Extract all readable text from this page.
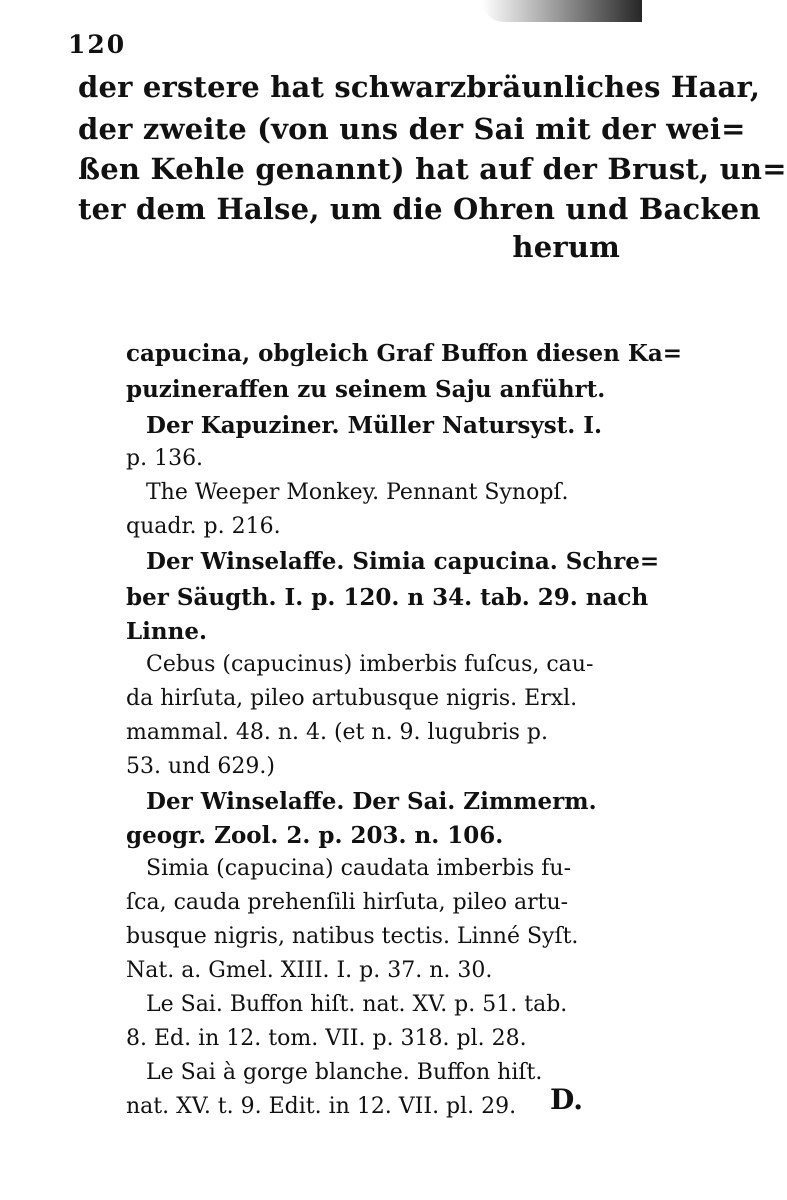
120
der erstere hat schwarzbräunliches Haar,
der zweite (von uns der Sai mit der wei=
ßen Kehle genannt) hat auf der Brust, un=
ter dem Halse, um die Ohren und Backen
herum
capucina, obgleich Graf Buffon diesen Ka=
puzineraffen zu seinem Saju anführt.
Der Kapuziner. Müller Natursyst. I.
p. 136.
The Weeper Monkey. Pennant Synopſ.
quadr. p. 216.
Der Winselaffe. Simia capucina. Schre=
ber Säugth. I. p. 120. n 34. tab. 29. nach
Linne.
Cebus (capucinus) imberbis fuſcus, cau-
da hirſuta, pileo artubusque nigris. Erxl.
mammal. 48. n. 4. (et n. 9. lugubris p.
53. und 629.)
Der Winselaffe. Der Sai. Zimmerm.
geogr. Zool. 2. p. 203. n. 106.
Simia (capucina) caudata imberbis fu-
ſca, cauda prehenſili hirſuta, pileo artu-
busque nigris, natibus tectis. Linné Syſt.
Nat. a. Gmel. XIII. I. p. 37. n. 30.
Le Sai. Buffon hiſt. nat. XV. p. 51. tab.
8. Ed. in 12. tom. VII. p. 318. pl. 28.
Le Sai à gorge blanche. Buffon hiſt.
nat. XV. t. 9. Edit. in 12. VII. pl. 29. D.
